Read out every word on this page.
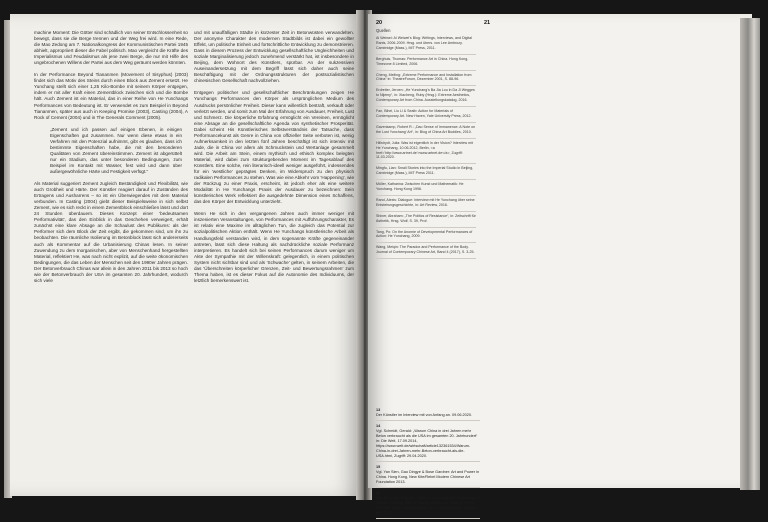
machine Moment: Die Götter sind schädlich von seiner Entschlossenheit so bewegt, dass sie die Berge trennen und der Weg frei wird. In eine Rede, die Mao Zedong am 7. Nationalkongress der Kommunistischen Partei 1945 abhielt, appropriiert dieser die Fabel politisch. Mao vergleicht die Kräfte des Imperialismus und Feudalismus als jene zwei Berge, die nur mit Hilfe des ungebrochenen Willens der Partei aus dem Weg geräumt werden könnten.

In der Performance Beyond Tiananmen (Movement of Sisyphus) (2003) findet sich das Motiv des Steins durch einen Block aus Zement ersetzt. He Yunchang stellt sich einer 1,25 Kilo-Bombe mit seinem Körper entgegen, indem er mit aller Kraft einen Zementblock zwischen sich und die Bombe hält. Auch Zement ist ein Material, das in einer Reihe von He Yunchangs Performances von Bedeutung ist. Er verwendet es zum Beispiel in Beyond Tiananmen, später aus auch in Keeping Promise (2003), Casting (2004), A Rock of Cement (2004) und in The Generals Comment (2005).

„Zement und ich passen auf einigen Ebenen, in einigen Eigenschaften gut zusammen. Nur wenn diese etwas in ein Verfahren mit den Potenzial aufnimmt, gibt es glauben, dass ich bestimmte Eigenschaften habe, die mit den besonderen Qualitäten von Zement übereinstimmen. Zement ist abgerüttelt nur ein Stadium, das unter besonderen Bedingungen, zum Beispiel im Kontakt mit Wasser, fest wird und dann über außergewöhnliche Härte und Festigkeit verfügt.“

Als Material suggeriert Zement zugleich Beständigkeit und Flexibilität, wie auch Grobheit und Härte. Der Künstler reagiert darauf in Zuständen des Ertragens und Ausharrens – so ist ein Überwiegendes mit dem Material verbunden. In Casting (2004) giebt dieser Beispielsweise in sich selbst Zement, wie es sich reckt in einem Zementblock einschließen lässt und dort 24 Stunden überdauern. Dieses Konzept einer 'bedeutsamen Performativität', das den Einblick in das Geschehen verweigert, erhält zunächst eine klare Absage an die Schaulust des Publikums: als der Performer sich dem Block der Zeit ergibt, die gekommen sind, um ihn zu beobachten. Die räumliche Isolierung im Betonblock lässt sich andererseits auch als Kommentar auf die Urbanisierung Chinas lesen. In seiner Zuwendung zu dem Inorganischen, aber von Menschenhand hergestellten Material, reflektiert He, was nach nicht explizit, auf die weite ökonomischen Bedingungen, die das Leben der Menschen seit den 1990er Jahren prägen. Der Betonverbrauch Chinas war allein in den Jahren 2011 bis 2013 so hoch wie der Betonverbrauch der USA im gesamten 20. Jahrhundert, wodurch sich viele

und mit unauffälligen Städte in kürzester Zeit in Betonwüsten verwandelten. Der anonyme Charakter des modernen Stadtbilds ist dabei ein gewollter Effekt, um politische Einheit und fortschrittliche Entwicklung zu demonstrieren. Dass in diesem Prozess der Entwicklung gesellschaftliche Ungleichheiten und soziale Marginalisierung jedoch zunehmend verstärkt hat, ist insbesondere in Beijing, dem Wohnort des Künstlers, spürbar. An der sukzessiven Auseinandersetzung mit dem Begriff lässt sich daher auch seine Beschäftigung mit der Ordnungsstrukturen der postsozialistischen chinesischen Gesellschaft nachvollziehen.

Entgegen politischer und gesellschaftlicher Beschränkungen zeigen He Yunchangs Performances den Körper als ursprünglichen Medium des Ausdrucks persönlicher Freiheit. Dieser kann willentlich bestraft, verkauft oder verletzt werden, und somit zum Mal der Erfahrung von Ausdauer, Freiheit, Lust und Schmerz. Die körperliche Erfahrung ermöglicht ein Vereinen, ermöglicht eine Absage an die gesellschaftliche Agenda von synthetischer Prosperität. Dabei scheint His Künstlerisches Selbstverständnis der Tatsache, dass Performancekunst als Genre in China von offizieller Seite verboten ist, wenig Aufmerksamkeit in den letzten fünf Jahren beschäftigt ist sich intensiv mit Jade, die in China vor allem als Schmuckstein und Wertanlage gesammelt wird. Die Arbeit am Stein, einem mythisch und ethisch komplex belegten Material, wird dabei zum strukturgebenden Moment im Tagesablauf des Künstlers. Eine solche, rein literarisch-ideell weniger ausgeführt, indessendes für ein 'westliche' geprägtes Denken, im Widerspruch zu den physisch radikalen Performances zu stehen. Was wie eine Abkehr vom 'Happening', wie der Rückzug zu einer Praxis, erscheint, ist jedoch eher als eine weitere Modalität in He Yunchangs Praxis der Ausdauer zu bezeichnen: Sein künstlerisches Werk reflektiert die ausgedehnte Dimension eines Schaffens, das den Körper der Entwicklung unterzieht.

Wenn He sich in den vergangenen Jahren auch immer weniger mit inszenierten Veranstaltungen, von Performances mit Aufführungscharakter, Es ist relativ eine Maxime im alltäglichen Tun, die zugleich das Potential zur sozialpolitischen Aktion enthält. Wenn He Yunchangs künstlerische Arbeit als Handlungsfeld verstanden wird, in dem sogenannte Kräfte gegeneinander antreten, lässt sich diese Haltung als nachdrückliche soziale Performanz interpretieren. Es handelt sich bei seinen Performances darum weniger um Akte der Sympathie mit der Willenskraft: gelegentlich, in einem politischen System nicht sichtbar sind und als 'Schwache' gelten, in seinem Arbeiten, die das 'Überschreiten körperlicher Grenzen, Zeit- und Bewertungsrahmen' zum Thema haben, ist es dieser Fokus auf die Autonomie des Individuums, der letztlich bemerkenswert ist.

20	21
Quellen
Ai Weiwei: Ai Weiwei's Blog: Writings, Interviews, and Digital Rants, 2006-2009. Hrsg. und übers. von Lee Ambrozy. Cambridge (Mass.), MIT Press, 2011.
Berghuis, Thomas: Performance Art in China. Hong Kong, Timezone 8 Limited, 2006.
Cheng, Meiling: „Extreme Performance and Installation from China“ in: TheatreForum, Dezember 2001, S. 88-96.
Erdreiter, Jeroen: „He Yunchang's Ba Jia Lou in Da Ji Wegges to Nijemy“, in: Xiacheng, Ruby (Hrsg.): Extreme Aesthetics, Contemporary Art from China. Ausstellungskatalog, 2016.
Fan, Bihei, Liu Li & Seaib: Action for Materials of Contemporary Art. New Haven, Yale University Press, 2012.
Gavenkamp, Robert R.: „Dao Sense of Immanence: A Note on the Lost Yunchang' Art“, in: Blog of China Art Buddies, 2010.
Hillstrydt, Julia: Was ist eigentlich in der Vision? Interview mit He Yunchang, 10.06.2012, Berlin, <a href='http://www.artnet.de'>www.artnet.de</a>, Zugriff: 11.03.2020.
Mingfu, Lian: Small Stories into the Imperial Studio in Beijing, Cambridge (Mass.), MIT Press 2011.
Müller, Katharina: Zwischen Kunst und Mathematik: He Yunchang. Hong Kong 1996.
Rand, Alexis: Dialogue: Interview mit He Yunchang über seine Entstehungsgeschichte, in: Art Review, 2016.
Shiner, Abraham: „The Politics of Resistance“, in: Zeitschrift für Ästhetik, Hrsg. Wolf, S. 39, Prof.
Tang, Po: On the Anomie of Developmental Performances of Action: He Yunchang, 2009.
Wang, Meiqin: The Paradox and Performance of the Body. Journal of Contemporary Chinese Art, Band 4 (2017), S. 3-25.
13
Der Künstler im Interview mit von Anfang an. 09.06.2020.
14
Vgl. Schmidt, Gerald: „Warum China in drei Jahren mehr Beton verbraucht als die USA im gesamten 20. Jahrhundert“ in: Die Welt, 17.09.2014, https://www.welt.de/wirtschaft/article132361534/Warum-China-in-drei-Jahren-mehr-Beton-verbraucht-als-die-USA.html, Zugriff: 29.04.2020.
15
Vgl. Yan Sien, Gao Dingye & Bose Gardner: Art and Power in China. Hong Kong, New Kite/Rebel Modern Chinese Art Foundation 2013.
16
Vgl. Schröder, Dagmar: Cultures of Knowledge: Technology in Chinese History. Edition Global, Leiden u.a.; Nenad H. und Yan Han; Hrsg. von Lausanne; Zu Kunst und Kultur, Leiden: Brill 2012.
